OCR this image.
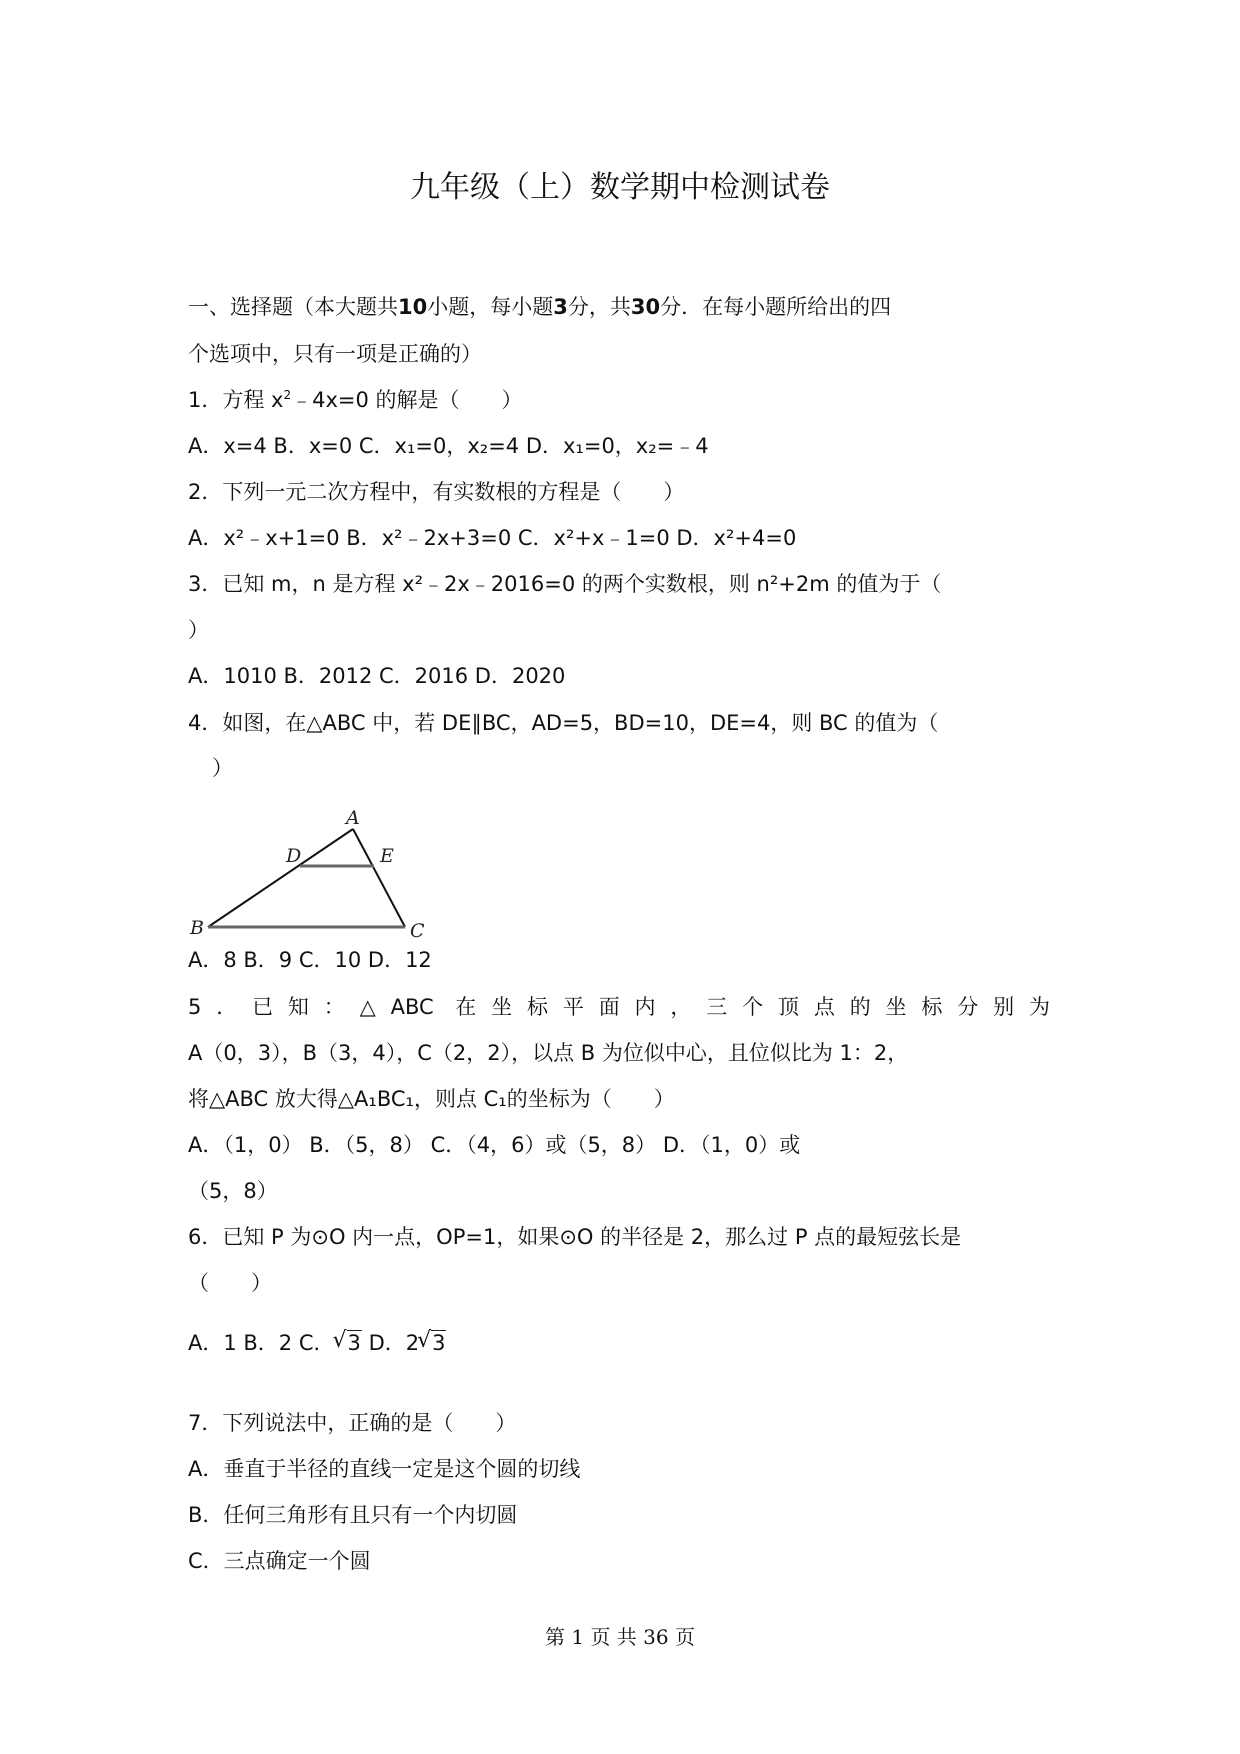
九年级（上）数学期中检测试卷
一、选择题（本大题共10小题，每小题3分，共30分．在每小题所给出的四
个选项中，只有一项是正确的）
1．方程 $x^2﹣4x=0$ 的解是（　　）
A．x=4 B．x=0 C．x₁=0，x₂=4 D．x₁=0，x₂=﹣4
2．下列一元二次方程中，有实数根的方程是（　　）
A．x²﹣x+1=0 B．x²﹣2x+3=0 C．x²+x﹣1=0 D．x²+4=0
3．已知 m，n 是方程 x²﹣2x﹣2016=0 的两个实数根，则 n²+2m 的值为于（
）
A．1010 B．2012 C．2016 D．2020
4．如图，在△ABC 中，若 DE∥BC，AD=5，BD=10，DE=4，则 BC 的值为（
）
A
B	C
D	E
A．8 B．9 C．10 D．12
5．已知：△ABC 在坐标平面内，三个顶点的坐标分别为
A（0，3），B（3，4），C（2，2），以点 B 为位似中心，且位似比为 1：2，
将△ABC 放大得△A₁BC₁，则点 C₁的坐标为（　　）
A．（1，0） B．（5，8） C．（4，6）或（5，8） D．（1，0）或
（5，8）
6．已知 P 为⊙O 内一点，OP=1，如果⊙O 的半径是 2，那么过 P 点的最短弦长是
（　　）
A．1 B．2 C． √ 3 D．2 √ 3
7．下列说法中，正确的是（　　）
A．垂直于半径的直线一定是这个圆的切线
B．任何三角形有且只有一个内切圆
C．三点确定一个圆
第 1 页 共 36 页
